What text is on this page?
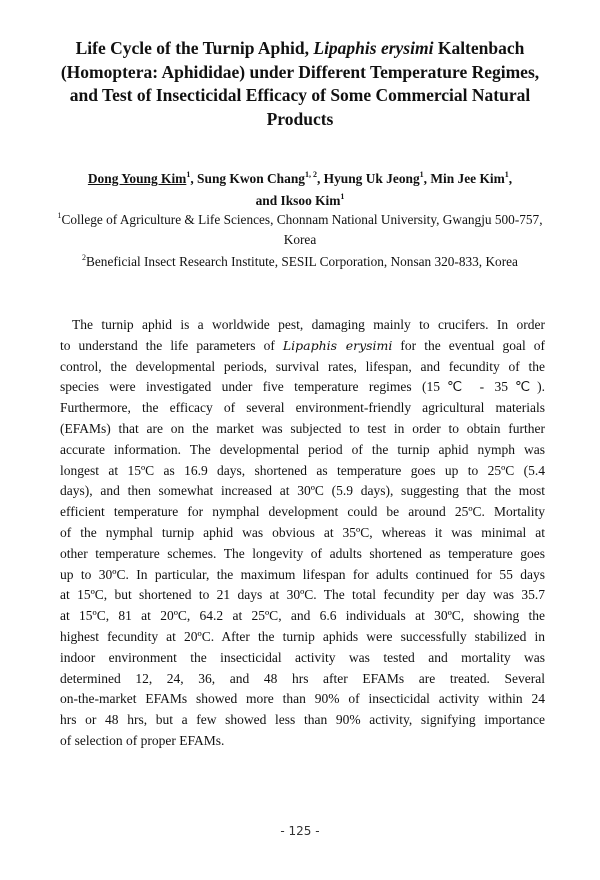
Life Cycle of the Turnip Aphid, Lipaphis erysimi Kaltenbach (Homoptera: Aphididae) under Different Temperature Regimes, and Test of Insecticidal Efficacy of Some Commercial Natural Products
Dong Young Kim$^1$, Sung Kwon Chang$^{1, 2}$, Hyung Uk Jeong$^1$, Min Jee Kim$^1$,
and Iksoo Kim$^1$
$^1$College of Agriculture & Life Sciences, Chonnam National University, Gwangju 500-757, Korea
$^2$Beneficial Insect Research Institute, SESIL Corporation, Nonsan 320-833, Korea
The turnip aphid is a worldwide pest, damaging mainly to crucifers. In order
to understand the life parameters of Lipaphis erysimi for the eventual goal of
control, the developmental periods, survival rates, lifespan, and fecundity of the
species were investigated under five temperature regimes (15℃ - 35℃).
Furthermore, the efficacy of several environment-friendly agricultural materials
(EFAMs) that are on the market was subjected to test in order to obtain further
accurate information. The developmental period of the turnip aphid nymph was
longest at 15ºC as 16.9 days, shortened as temperature goes up to 25ºC (5.4
days), and then somewhat increased at 30ºC (5.9 days), suggesting that the most
efficient temperature for nymphal development could be around 25ºC. Mortality
of the nymphal turnip aphid was obvious at 35ºC, whereas it was minimal at
other temperature schemes. The longevity of adults shortened as temperature goes
up to 30ºC. In particular, the maximum lifespan for adults continued for 55 days
at 15ºC, but shortened to 21 days at 30ºC. The total fecundity per day was 35.7
at 15ºC, 81 at 20ºC, 64.2 at 25ºC, and 6.6 individuals at 30ºC, showing the
highest fecundity at 20ºC. After the turnip aphids were successfully stabilized in
indoor environment the insecticidal activity was tested and mortality was
determined 12, 24, 36, and 48 hrs after EFAMs are treated. Several
on-the-market EFAMs showed more than 90% of insecticidal activity within 24
hrs or 48 hrs, but a few showed less than 90% activity, signifying importance
of selection of proper EFAMs.
- 125 -
